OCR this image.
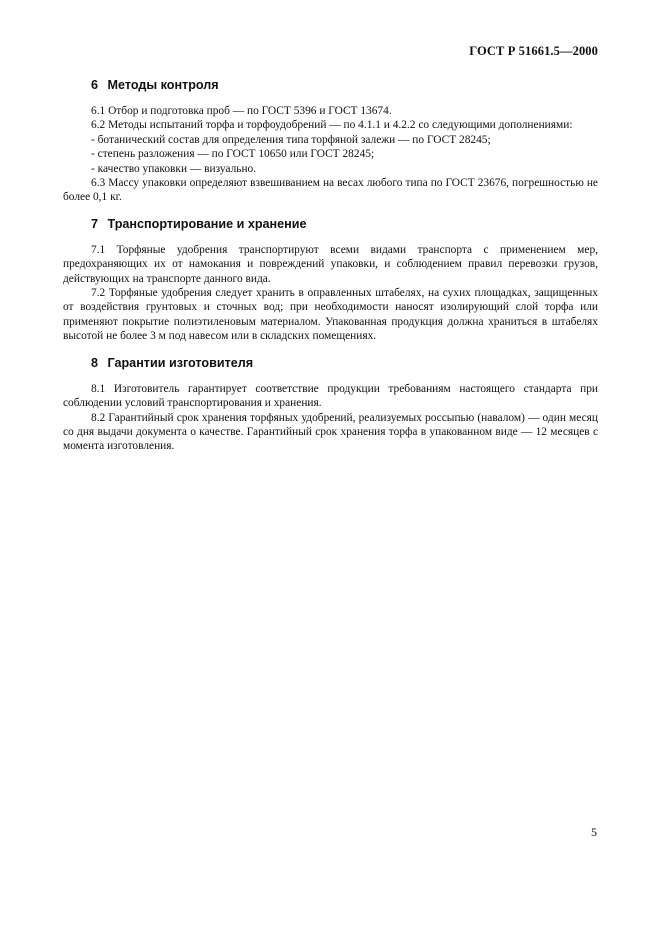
ГОСТ Р 51661.5—2000
6 Методы контроля

6.1 Отбор и подготовка проб — по ГОСТ 5396 и ГОСТ 13674.

6.2 Методы испытаний торфа и торфоудобрений — по 4.1.1 и 4.2.2 со следующими дополнениями:

- ботанический состав для определения типа торфяной залежи — по ГОСТ 28245;

- степень разложения — по ГОСТ 10650 или ГОСТ 28245;

- качество упаковки — визуально.

6.3 Массу упаковки определяют взвешиванием на весах любого типа по ГОСТ 23676, погрешностью не более 0,1 кг.

7 Транспортирование и хранение

7.1 Торфяные удобрения транспортируют всеми видами транспорта с применением мер, предохраняющих их от намокания и повреждений упаковки, и соблюдением правил перевозки грузов, действующих на транспорте данного вида.

7.2 Торфяные удобрения следует хранить в оправленных штабелях, на сухих площадках, защищенных от воздействия грунтовых и сточных вод; при необходимости наносят изолирующий слой торфа или применяют покрытие полиэтиленовым материалом. Упакованная продукция должна храниться в штабелях высотой не более 3 м под навесом или в складских помещениях.

8 Гарантии изготовителя

8.1 Изготовитель гарантирует соответствие продукции требованиям настоящего стандарта при соблюдении условий транспортирования и хранения.

8.2 Гарантийный срок хранения торфяных удобрений, реализуемых россыпью (навалом) — один месяц со дня выдачи документа о качестве. Гарантийный срок хранения торфа в упакованном виде — 12 месяцев с момента изготовления.

5
